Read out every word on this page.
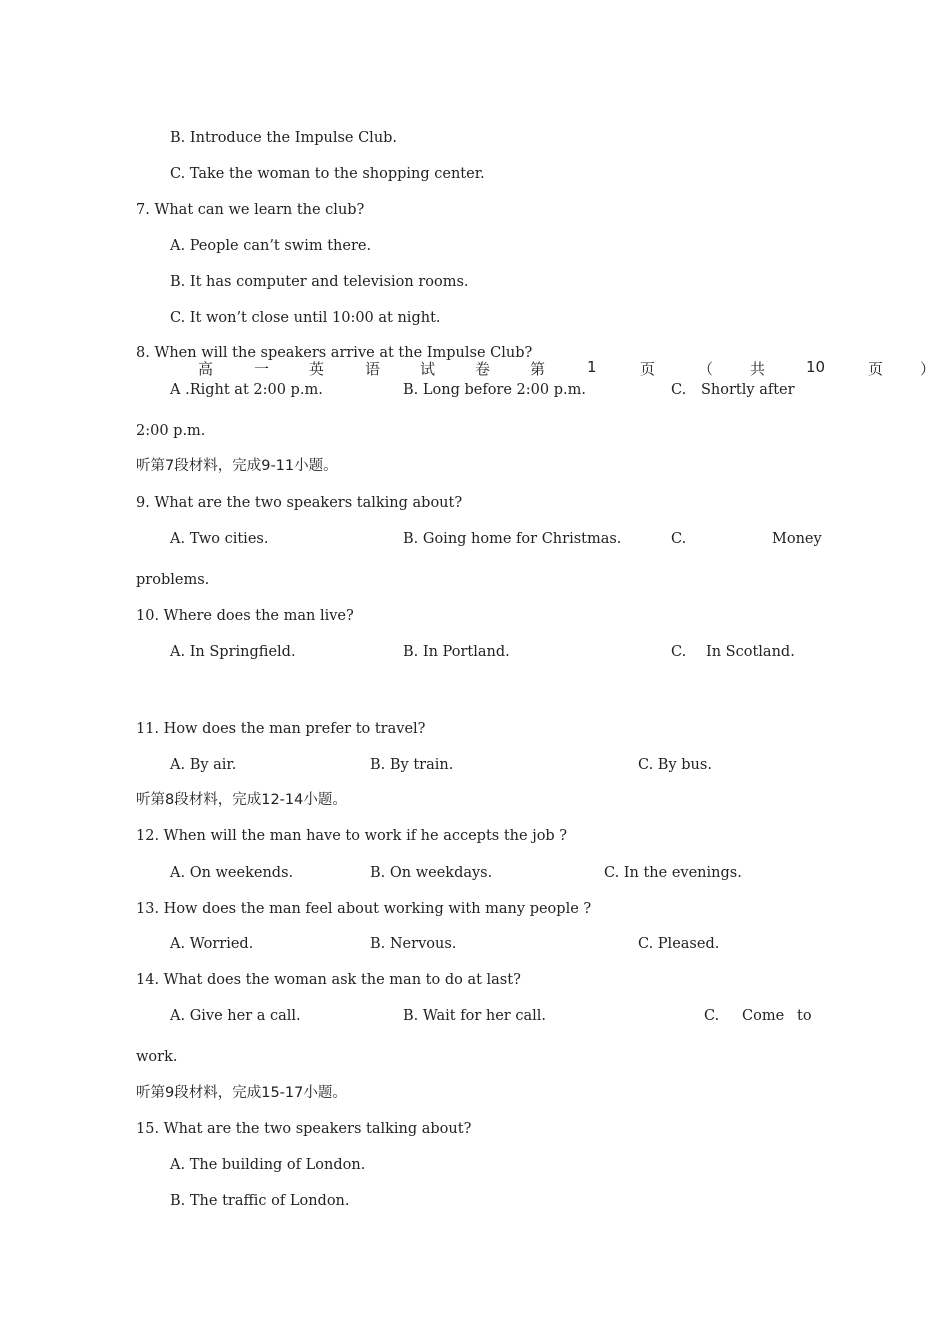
B. Introduce the Impulse Club.
C. Take the woman to the shopping center.
7. What can we learn the club?
A. People can’t swim there.
B. It has computer and television rooms.
C. It won’t close until 10:00 at night.
8. When will the speakers arrive at the Impulse Club?
高	一	英	语	试	卷	第	1	页	（ 共	10	页 ）
A .Right at 2:00 p.m.	B. Long before 2:00 p.m.	C. Shortly after
2:00 p.m.
听第7段材料，完成9-11小题。
9. What are the two speakers talking about?
A. Two cities.	B. Going home for Christmas.	C.	Money
problems.
10. Where does the man live?
A. In Springfield.	B. In Portland.	C. In Scotland.
11. How does the man prefer to travel?
A. By air.	B. By train.	C. By bus.
听第8段材料，完成12-14小题。
12. When will the man have to work if he accepts the job ?
A. On weekends.	B. On weekdays.	C. In the evenings.
13. How does the man feel about working with many people ?
A. Worried.	B. Nervous.	C. Pleased.
14. What does the woman ask the man to do at last?
A. Give her a call.	B. Wait for her call.	C. Come to
work.
听第9段材料，完成15-17小题。
15. What are the two speakers talking about?
A. The building of London.
B. The traffic of London.
